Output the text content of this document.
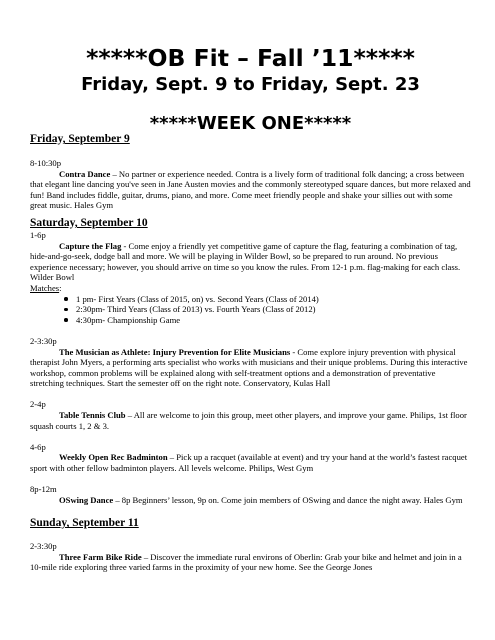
*****OB Fit – Fall ’11*****
Friday, Sept. 9 to Friday, Sept. 23
*****WEEK ONE*****
Friday, September 9
8-10:30p
Contra Dance – No partner or experience needed. Contra is a lively form of traditional folk dancing; a cross between that elegant line dancing you've seen in Jane Austen movies and the commonly stereotyped square dances, but more relaxed and fun! Band includes fiddle, guitar, drums, piano, and more. Come meet friendly people and shake your sillies out with some great music. Hales Gym
Saturday, September 10
1-6p
Capture the Flag - Come enjoy a friendly yet competitive game of capture the flag, featuring a combination of tag, hide-and-go-seek, dodge ball and more. We will be playing in Wilder Bowl, so be prepared to run around. No previous experience necessary; however, you should arrive on time so you know the rules. From 12-1 p.m. flag-making for each class. Wilder Bowl
Matches:
1 pm- First Years (Class of 2015, on) vs. Second Years (Class of 2014)
2:30pm- Third Years (Class of 2013) vs. Fourth Years (Class of 2012)
4:30pm- Championship Game
2-3:30p
The Musician as Athlete: Injury Prevention for Elite Musicians - Come explore injury prevention with physical therapist John Myers, a performing arts specialist who works with musicians and their unique problems. During this interactive workshop, common problems will be explained along with self-treatment options and a demonstration of preventative stretching techniques. Start the semester off on the right note. Conservatory, Kulas Hall
2-4p
Table Tennis Club – All are welcome to join this group, meet other players, and improve your game. Philips, 1st floor squash courts 1, 2 & 3.
4-6p
Weekly Open Rec Badminton – Pick up a racquet (available at event) and try your hand at the world’s fastest racquet sport with other fellow badminton players. All levels welcome. Philips, West Gym
8p-12m
OSwing Dance – 8p Beginners’ lesson, 9p on. Come join members of OSwing and dance the night away. Hales Gym
Sunday, September 11
2-3:30p
Three Farm Bike Ride – Discover the immediate rural environs of Oberlin: Grab your bike and helmet and join in a 10-mile ride exploring three varied farms in the proximity of your new home. See the George Jones
